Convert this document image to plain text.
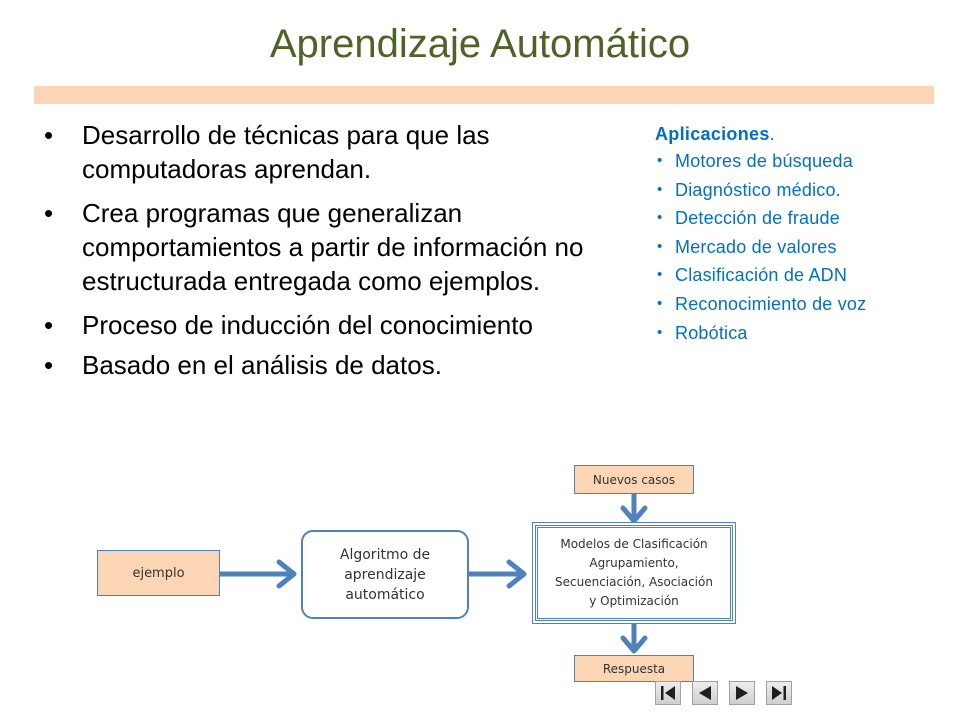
Aprendizaje Automático
• Desarrollo de técnicas para que las computadoras aprendan.
• Crea programas que generalizan comportamientos a partir de información no estructurada entregada como ejemplos.
• Proceso de inducción del conocimiento
• Basado en el análisis de datos.
Aplicaciones.
• Motores de búsqueda
• Diagnóstico médico.
• Detección de fraude
• Mercado de valores
• Clasificación de ADN
• Reconocimiento de voz
• Robótica
ejemplo
Algoritmo de
aprendizaje
automático
Nuevos casos
Modelos de Clasificación
Agrupamiento,
Secuenciación, Asociación
y Optimización
Respuesta
